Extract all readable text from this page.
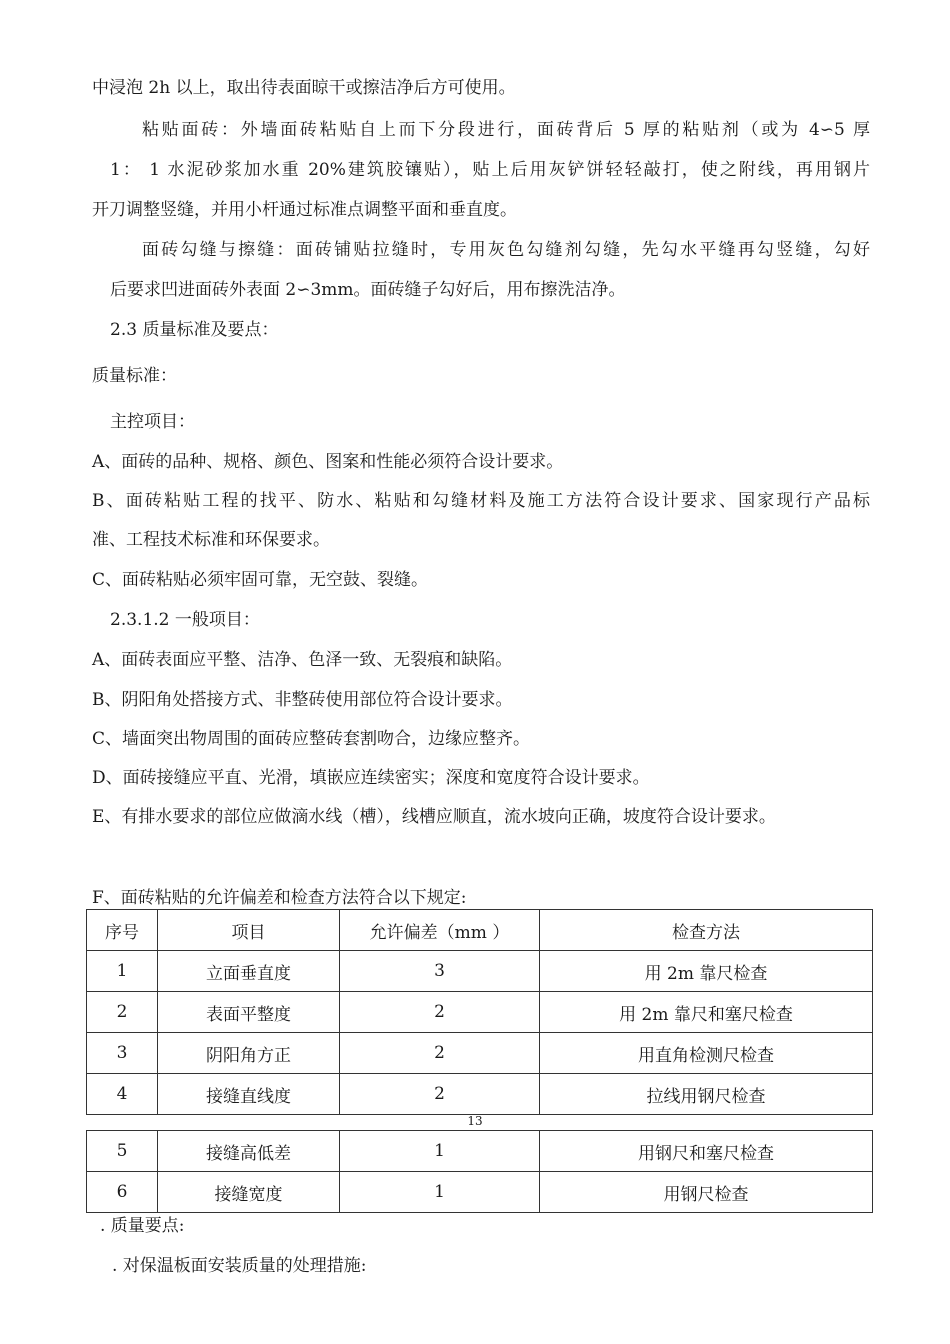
中浸泡 2h 以上，取出待表面晾干或擦洁净后方可使用。
粘贴面砖：外墙面砖粘贴自上而下分段进行，面砖背后 5 厚的粘贴剂（或为 4∽5 厚
1： 1 水泥砂浆加水重 20%建筑胶镶贴），贴上后用灰铲饼轻轻敲打，使之附线，再用钢片
开刀调整竖缝，并用小杆通过标准点调整平面和垂直度。
面砖勾缝与擦缝：面砖铺贴拉缝时，专用灰色勾缝剂勾缝，先勾水平缝再勾竖缝，勾好
后要求凹进面砖外表面 2∽3mm。面砖缝子勾好后，用布擦洗洁净。
2.3 质量标准及要点：
质量标准：
主控项目：
A、面砖的品种、规格、颜色、图案和性能必须符合设计要求。
B、面砖粘贴工程的找平、防水、粘贴和勾缝材料及施工方法符合设计要求、国家现行产品标
准、工程技术标准和环保要求。
C、面砖粘贴必须牢固可靠，无空鼓、裂缝。
2.3.1.2 一般项目：
A、面砖表面应平整、洁净、色泽一致、无裂痕和缺陷。
B、阴阳角处搭接方式、非整砖使用部位符合设计要求。
C、墙面突出物周围的面砖应整砖套割吻合，边缘应整齐。
D、面砖接缝应平直、光滑，填嵌应连续密实；深度和宽度符合设计要求。
E、有排水要求的部位应做滴水线（槽），线槽应顺直，流水坡向正确，坡度符合设计要求。
F、面砖粘贴的允许偏差和检查方法符合以下规定:
序号	项目	允许偏差（mm ）	检查方法
1	立面垂直度	3	用 2m 靠尺检查
2	表面平整度	2	用 2m 靠尺和塞尺检查
3	阴阳角方正	2	用直角检测尺检查
4	接缝直线度	2	拉线用钢尺检查
13
5	接缝高低差	1	用钢尺和塞尺检查
6	接缝宽度	1	用钢尺检查
. 质量要点:
. 对保温板面安装质量的处理措施:
